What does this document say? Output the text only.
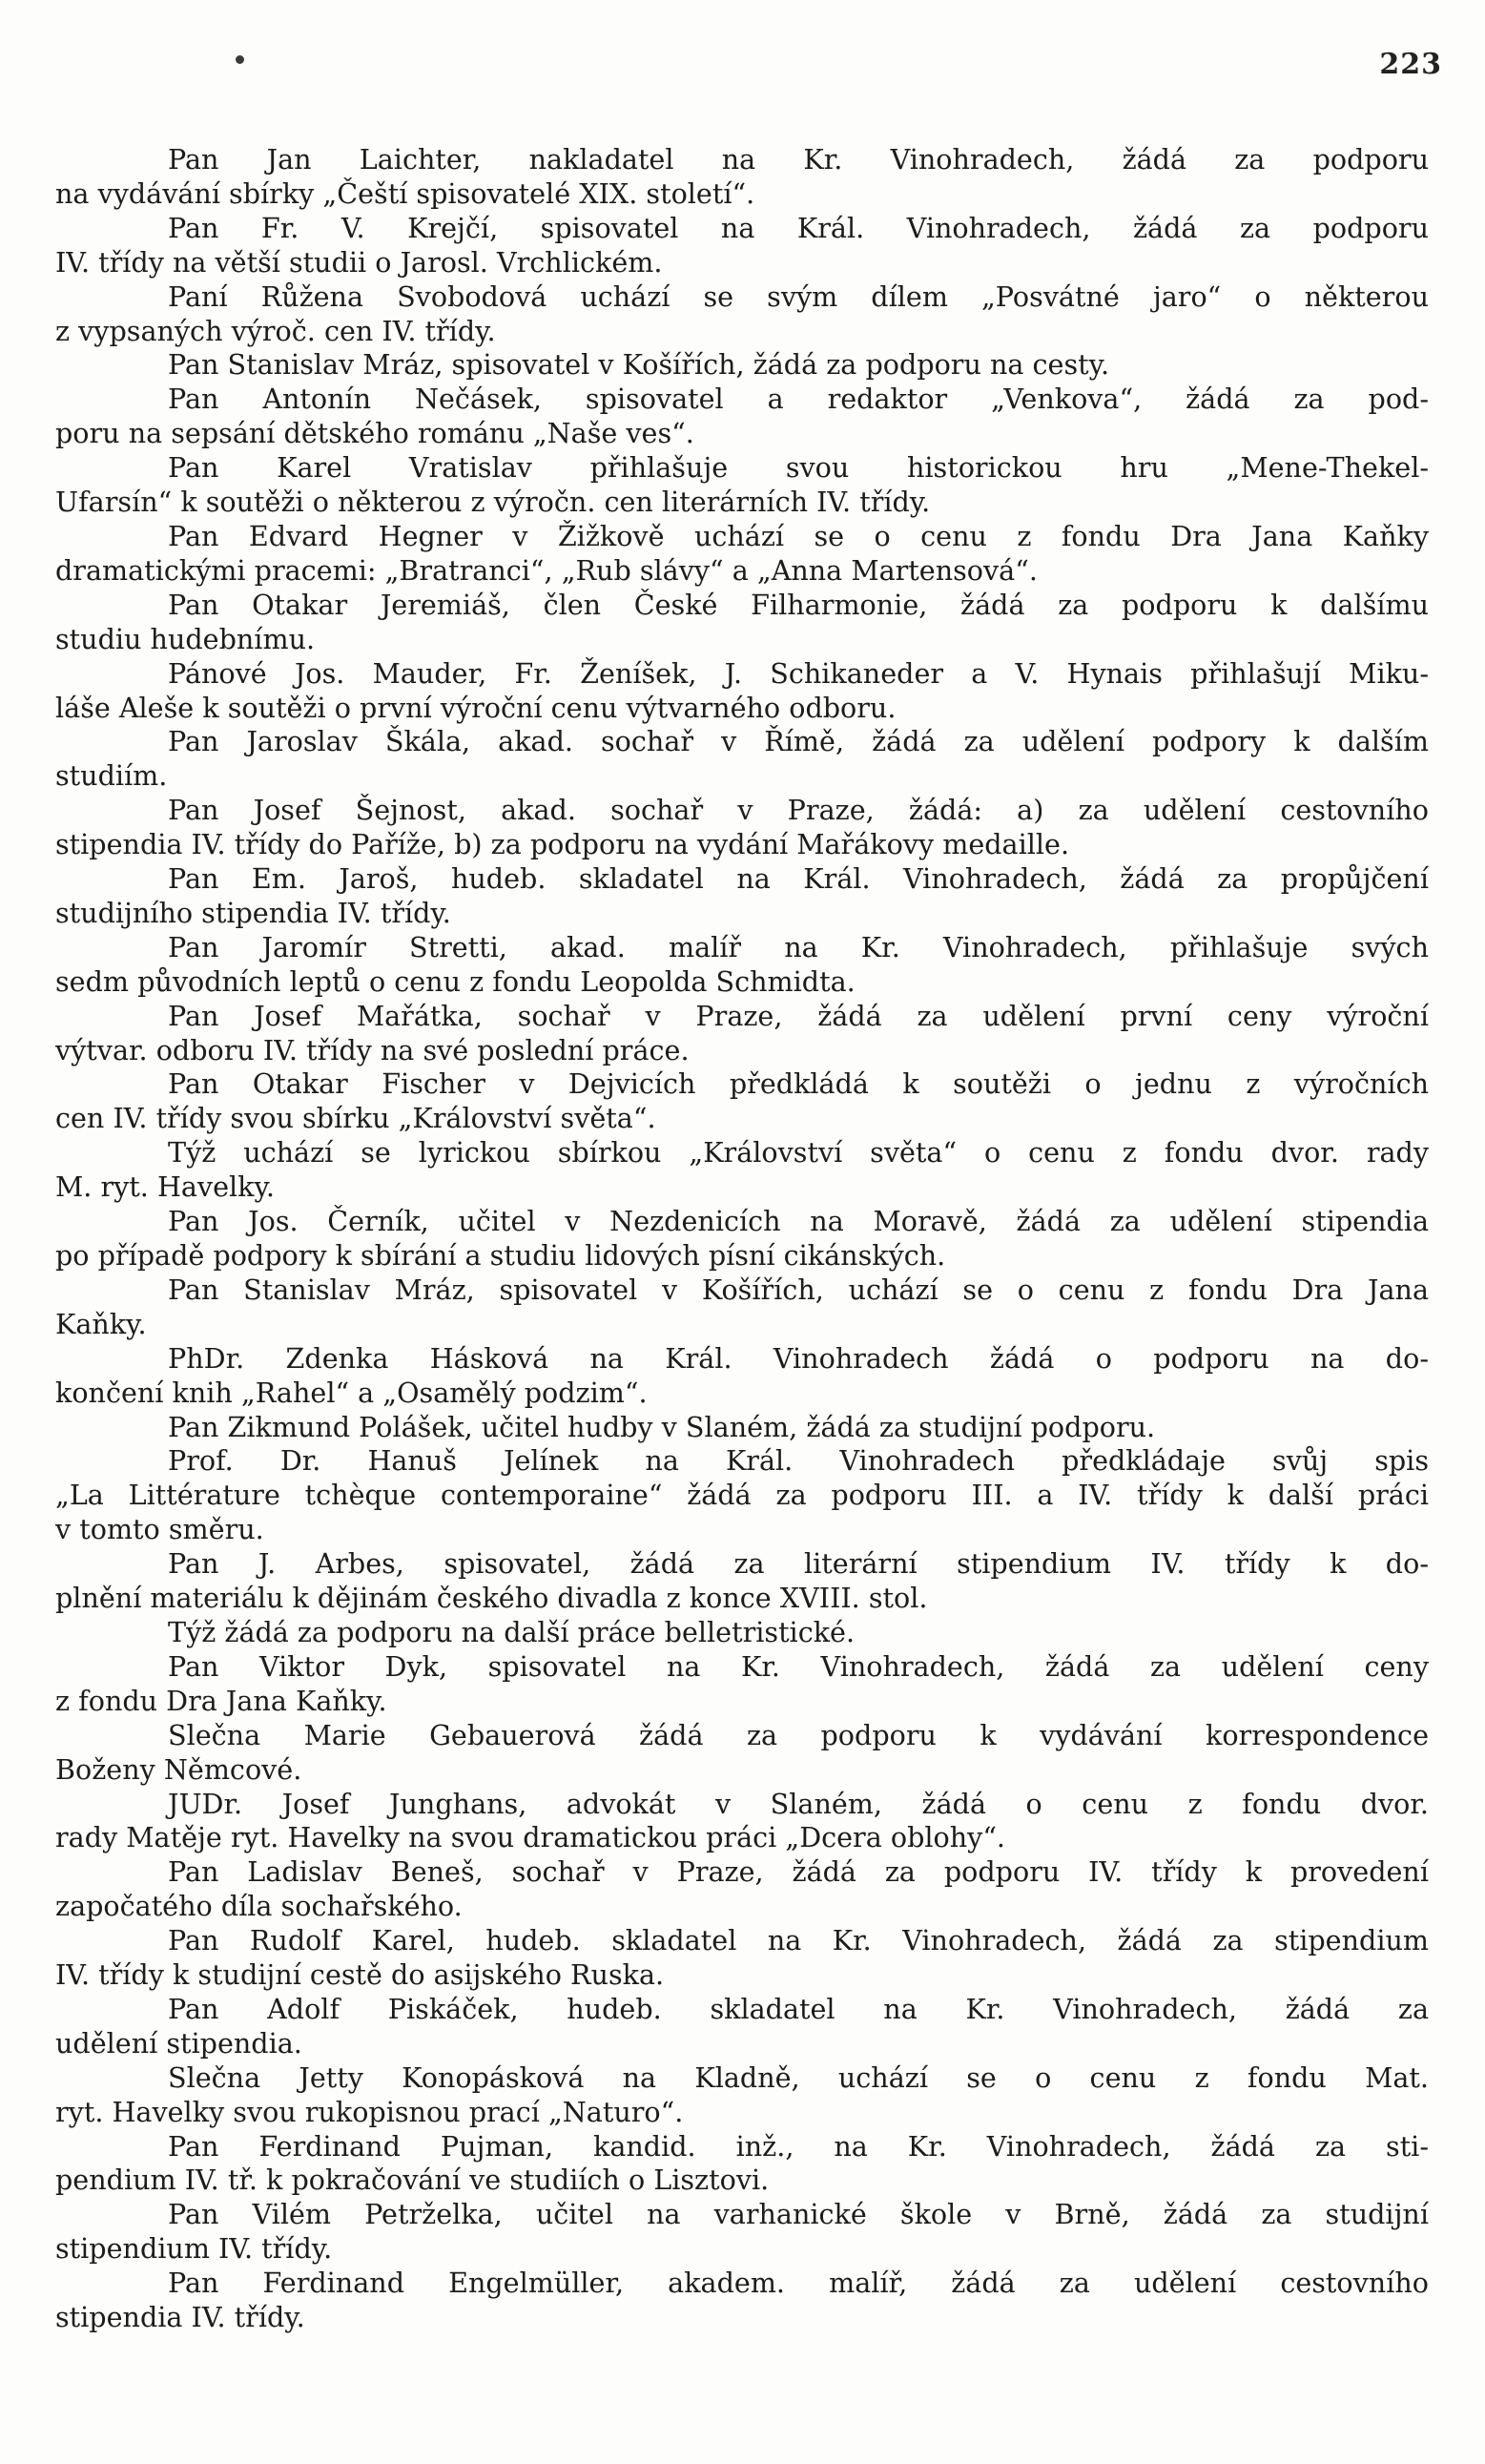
223
Pan Jan Laichter, nakladatel na Kr. Vinohradech, žádá za podporu
na vydávání sbírky „Čeští spisovatelé XIX. století“.
Pan Fr. V. Krejčí, spisovatel na Král. Vinohradech, žádá za podporu
IV. třídy na větší studii o Jarosl. Vrchlickém.
Paní Růžena Svobodová uchází se svým dílem „Posvátné jaro“ o některou
z vypsaných výroč. cen IV. třídy.
Pan Stanislav Mráz, spisovatel v Košířích, žádá za podporu na cesty.
Pan Antonín Nečásek, spisovatel a redaktor „Venkova“, žádá za pod-
poru na sepsání dětského románu „Naše ves“.
Pan Karel Vratislav přihlašuje svou historickou hru „Mene-Thekel-
Ufarsín“ k soutěži o některou z výročn. cen literárních IV. třídy.
Pan Edvard Hegner v Žižkově uchází se o cenu z fondu Dra Jana Kaňky
dramatickými pracemi: „Bratranci“, „Rub slávy“ a „Anna Martensová“.
Pan Otakar Jeremiáš, člen České Filharmonie, žádá za podporu k dalšímu
studiu hudebnímu.
Pánové Jos. Mauder, Fr. Ženíšek, J. Schikaneder a V. Hynais přihlašují Miku-
láše Aleše k soutěži o první výroční cenu výtvarného odboru.
Pan Jaroslav Škála, akad. sochař v Římě, žádá za udělení podpory k dalším
studiím.
Pan Josef Šejnost, akad. sochař v Praze, žádá: a) za udělení cestovního
stipendia IV. třídy do Paříže, b) za podporu na vydání Mařákovy medaille.
Pan Em. Jaroš, hudeb. skladatel na Král. Vinohradech, žádá za propůjčení
studijního stipendia IV. třídy.
Pan Jaromír Stretti, akad. malíř na Kr. Vinohradech, přihlašuje svých
sedm původních leptů o cenu z fondu Leopolda Schmidta.
Pan Josef Mařátka, sochař v Praze, žádá za udělení první ceny výroční
výtvar. odboru IV. třídy na své poslední práce.
Pan Otakar Fischer v Dejvicích předkládá k soutěži o jednu z výročních
cen IV. třídy svou sbírku „Království světa“.
Týž uchází se lyrickou sbírkou „Království světa“ o cenu z fondu dvor. rady
M. ryt. Havelky.
Pan Jos. Černík, učitel v Nezdenicích na Moravě, žádá za udělení stipendia
po případě podpory k sbírání a studiu lidových písní cikánských.
Pan Stanislav Mráz, spisovatel v Košířích, uchází se o cenu z fondu Dra Jana
Kaňky.
PhDr. Zdenka Hásková na Král. Vinohradech žádá o podporu na do-
končení knih „Rahel“ a „Osamělý podzim“.
Pan Zikmund Polášek, učitel hudby v Slaném, žádá za studijní podporu.
Prof. Dr. Hanuš Jelínek na Král. Vinohradech předkládaje svůj spis
„La Littérature tchèque contemporaine“ žádá za podporu III. a IV. třídy k další práci
v tomto směru.
Pan J. Arbes, spisovatel, žádá za literární stipendium IV. třídy k do-
plnění materiálu k dějinám českého divadla z konce XVIII. stol.
Týž žádá za podporu na další práce belletristické.
Pan Viktor Dyk, spisovatel na Kr. Vinohradech, žádá za udělení ceny
z fondu Dra Jana Kaňky.
Slečna Marie Gebauerová žádá za podporu k vydávání korrespondence
Boženy Němcové.
JUDr. Josef Junghans, advokát v Slaném, žádá o cenu z fondu dvor.
rady Matěje ryt. Havelky na svou dramatickou práci „Dcera oblohy“.
Pan Ladislav Beneš, sochař v Praze, žádá za podporu IV. třídy k provedení
započatého díla sochařského.
Pan Rudolf Karel, hudeb. skladatel na Kr. Vinohradech, žádá za stipendium
IV. třídy k studijní cestě do asijského Ruska.
Pan Adolf Piskáček, hudeb. skladatel na Kr. Vinohradech, žádá za
udělení stipendia.
Slečna Jetty Konopásková na Kladně, uchází se o cenu z fondu Mat.
ryt. Havelky svou rukopisnou prací „Naturo“.
Pan Ferdinand Pujman, kandid. inž., na Kr. Vinohradech, žádá za sti-
pendium IV. tř. k pokračování ve studiích o Lisztovi.
Pan Vilém Petrželka, učitel na varhanické škole v Brně, žádá za studijní
stipendium IV. třídy.
Pan Ferdinand Engelmüller, akadem. malíř, žádá za udělení cestovního
stipendia IV. třídy.
